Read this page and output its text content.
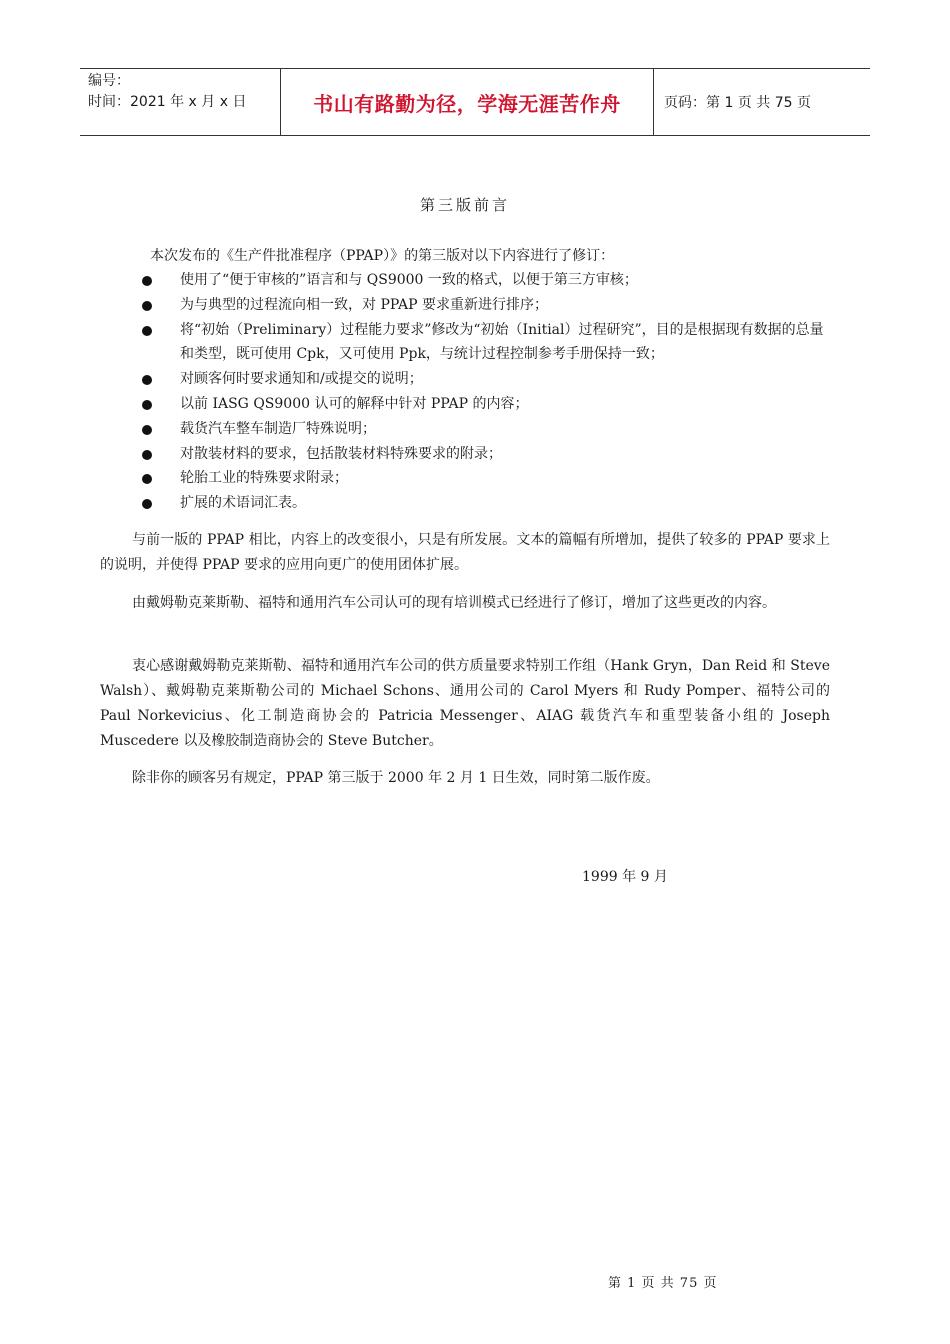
编号：
时间：2021 年 x 月 x 日	书山有路勤为径，学海无涯苦作舟	页码：第 1 页 共 75 页
第三版前言
本次发布的《生产件批准程序（PPAP）》的第三版对以下内容进行了修订：
使用了“便于审核的”语言和与 QS9000 一致的格式，以便于第三方审核；
为与典型的过程流向相一致，对 PPAP 要求重新进行排序；
将“初始（Preliminary）过程能力要求”修改为“初始（Initial）过程研究”，目的是根据现有数据的总量和类型，既可使用 Cpk，又可使用 Ppk，与统计过程控制参考手册保持一致；
对顾客何时要求通知和/或提交的说明；
以前 IASG QS9000 认可的解释中针对 PPAP 的内容；
载货汽车整车制造厂特殊说明；
对散装材料的要求，包括散装材料特殊要求的附录；
轮胎工业的特殊要求附录；
扩展的术语词汇表。

与前一版的 PPAP 相比，内容上的改变很小，只是有所发展。文本的篇幅有所增加，提供了较多的 PPAP 要求上的说明，并使得 PPAP 要求的应用向更广的使用团体扩展。

由戴姆勒克莱斯勒、福特和通用汽车公司认可的现有培训模式已经进行了修订，增加了这些更改的内容。

衷心感谢戴姆勒克莱斯勒、福特和通用汽车公司的供方质量要求特别工作组（Hank Gryn，Dan Reid 和 Steve Walsh）、戴姆勒克莱斯勒公司的 Michael Schons、通用公司的 Carol Myers 和 Rudy Pomper、福特公司的 Paul Norkevicius、化工制造商协会的 Patricia Messenger、AIAG 载货汽车和重型装备小组的 Joseph Muscedere 以及橡胶制造商协会的 Steve Butcher。

除非你的顾客另有规定，PPAP 第三版于 2000 年 2 月 1 日生效，同时第二版作废。

1999 年 9 月
第 1 页 共 75 页
